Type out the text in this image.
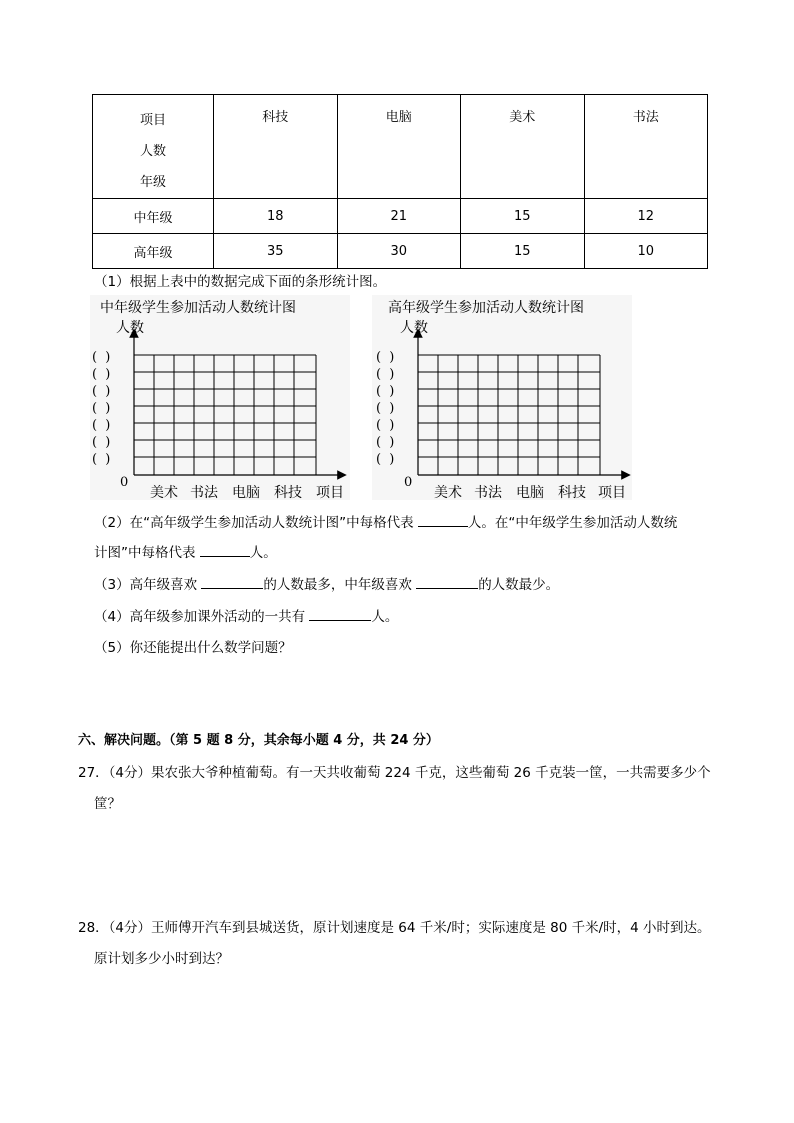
项目
人数
年级	科技	电脑	美术	书法
中年级	18	21	15	12
高年级	35	30	15	10
（1）根据上表中的数据完成下面的条形统计图。
中年级学生参加活动人数统计图
人数
( )
( )
( )
( )
( )
( )
( )
0
美术 书法 电脑 科技 项目
高年级学生参加活动人数统计图
人数
( )
( )
( )
( )
( )
( )
( )
0
美术 书法 电脑 科技 项目
（2）在“高年级学生参加活动人数统计图”中每格代表	人。在“中年级学生参加活动人数统
计图”中每格代表	人。
（3）高年级喜欢	的人数最多，中年级喜欢	的人数最少。
（4）高年级参加课外活动的一共有	人。
（5）你还能提出什么数学问题？
六、解决问题。（第 5 题 8 分，其余每小题 4 分，共 24 分）
27．（4分）果农张大爷种植葡萄。有一天共收葡萄 224 千克，这些葡萄 26 千克装一筐，一共需要多少个
筐？
28．（4分）王师傅开汽车到县城送货，原计划速度是 64 千米/时；实际速度是 80 千米/时，4 小时到达。
原计划多少小时到达？
